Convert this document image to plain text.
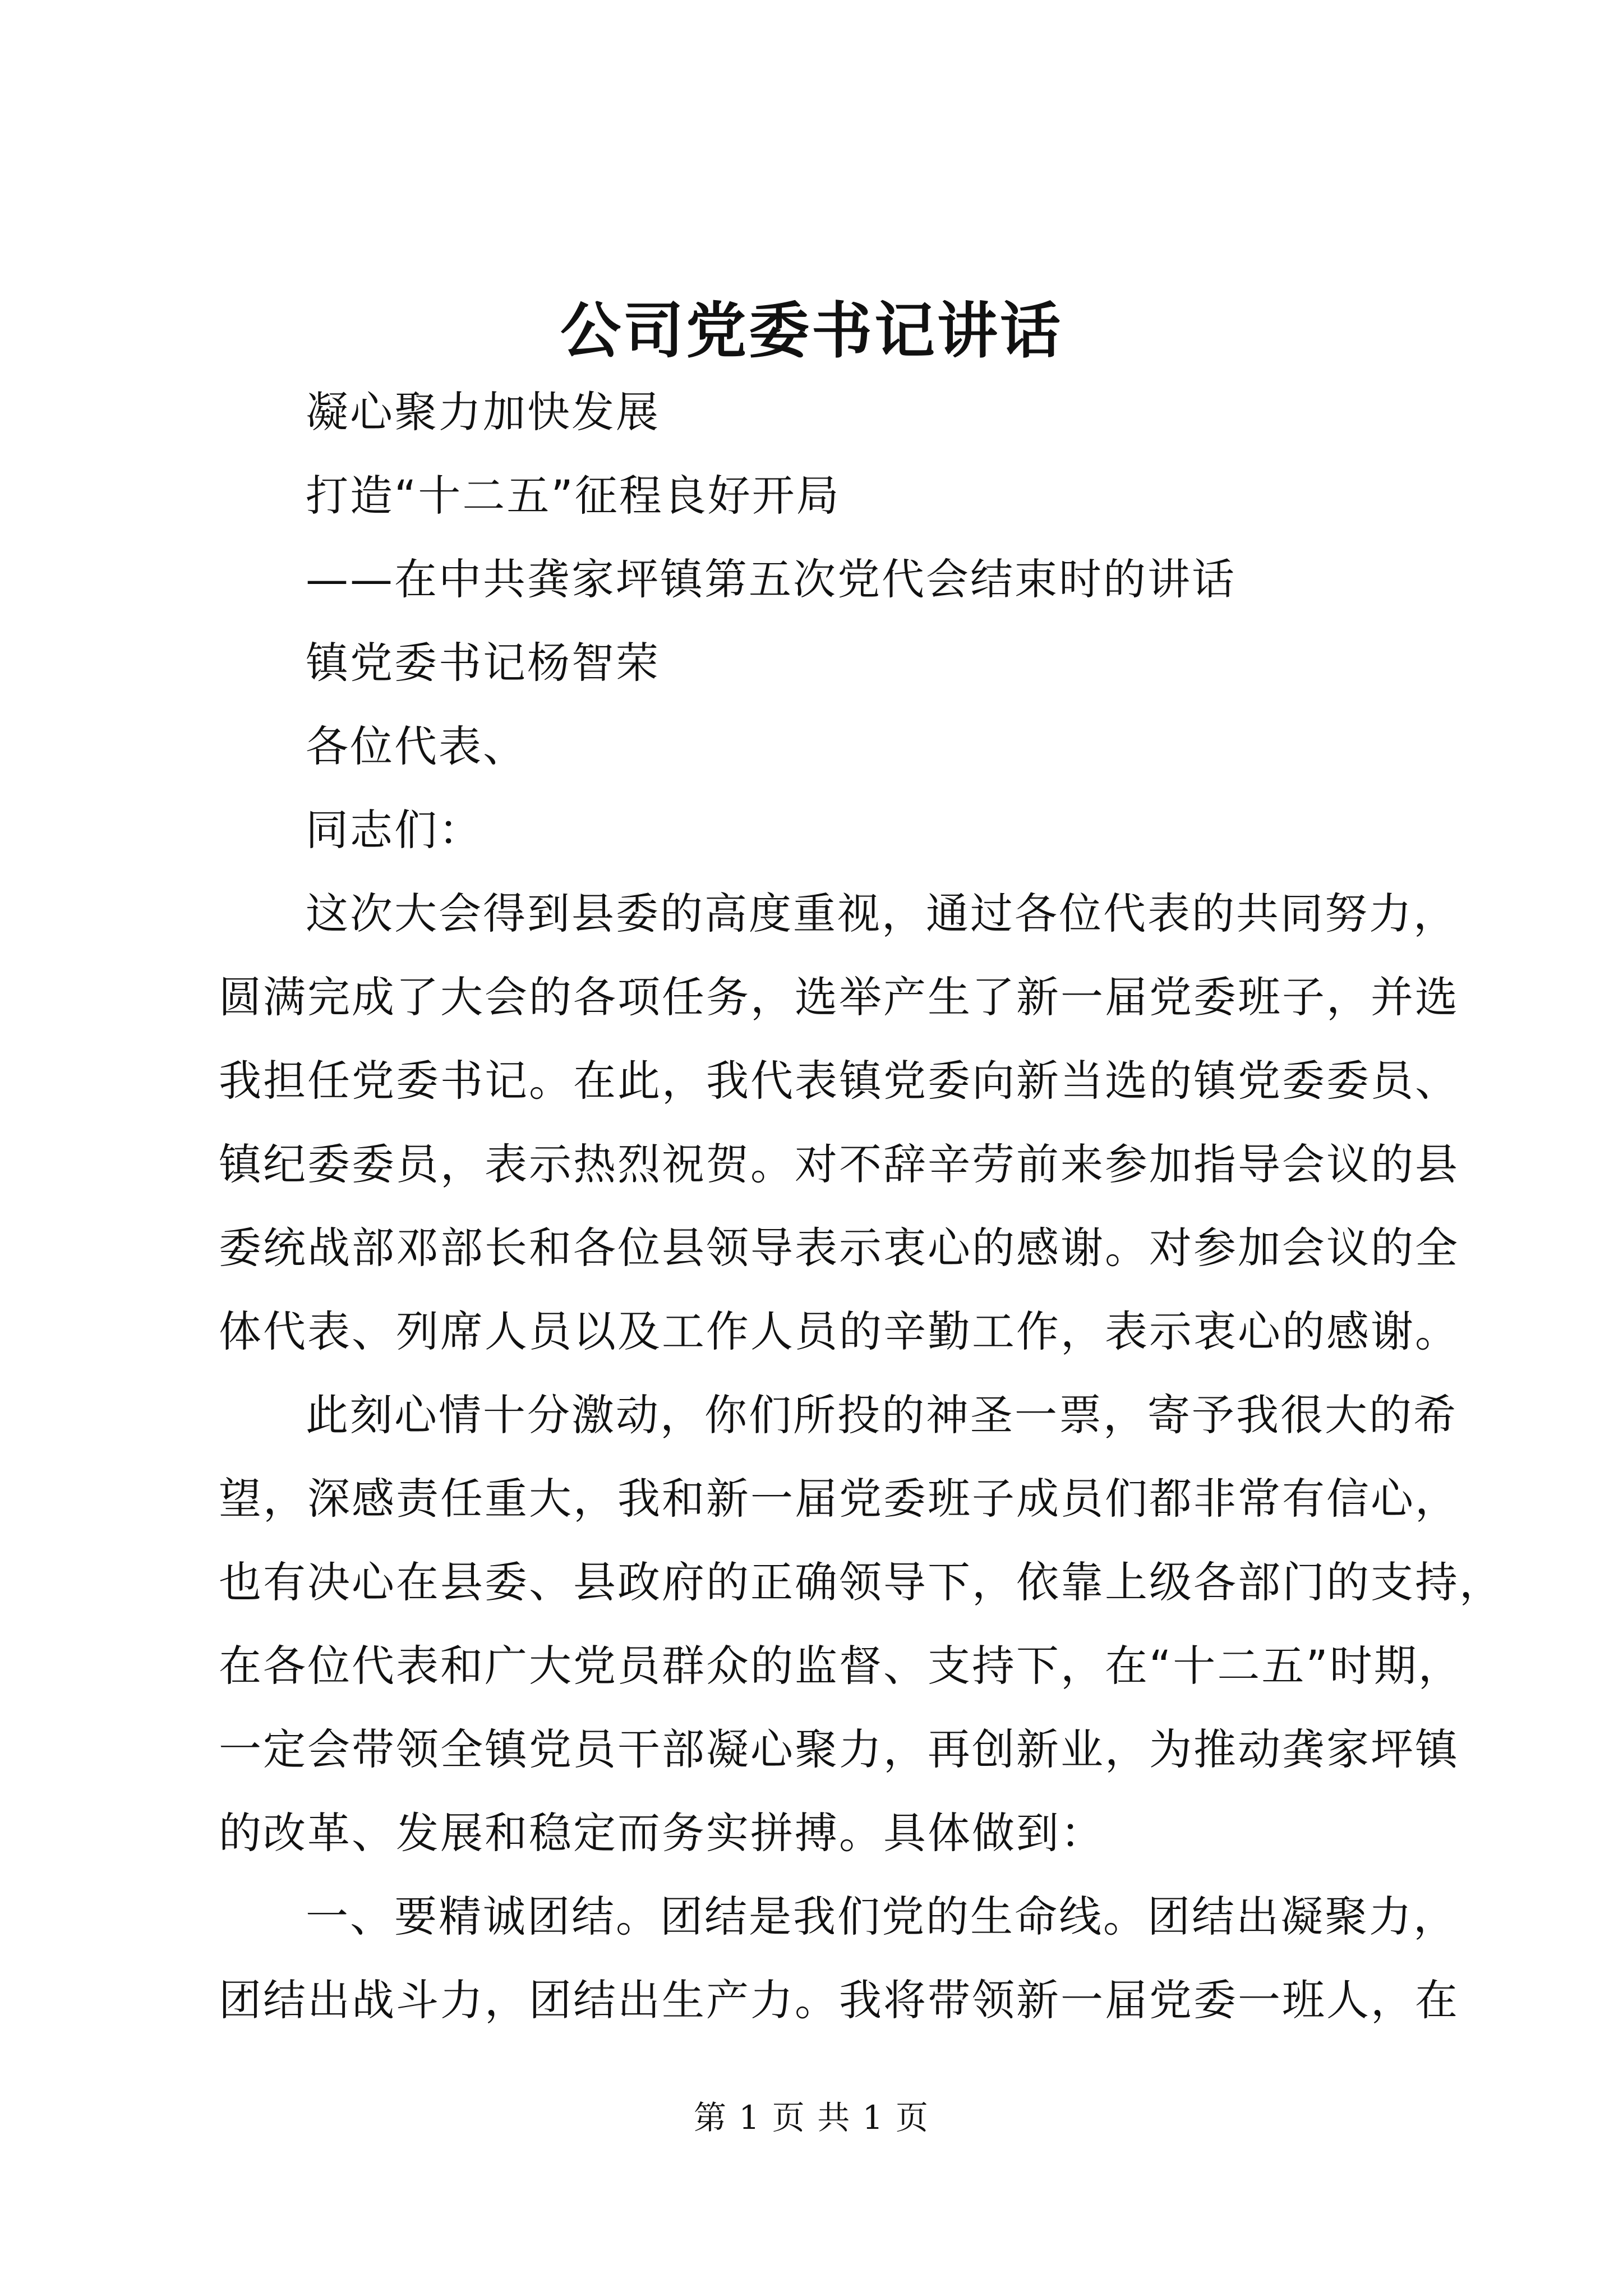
公司党委书记讲话
凝心聚力加快发展
打造“十二五”征程良好开局
——在中共龚家坪镇第五次党代会结束时的讲话
镇党委书记杨智荣
各位代表、
同志们：
这次大会得到县委的高度重视，通过各位代表的共同努力，
圆满完成了大会的各项任务，选举产生了新一届党委班子，并选
我担任党委书记。在此，我代表镇党委向新当选的镇党委委员、
镇纪委委员，表示热烈祝贺。对不辞辛劳前来参加指导会议的县
委统战部邓部长和各位县领导表示衷心的感谢。对参加会议的全
体代表、列席人员以及工作人员的辛勤工作，表示衷心的感谢。
此刻心情十分激动，你们所投的神圣一票，寄予我很大的希
望，深感责任重大，我和新一届党委班子成员们都非常有信心，
也有决心在县委、县政府的正确领导下，依靠上级各部门的支持，
在各位代表和广大党员群众的监督、支持下，在“十二五”时期，
一定会带领全镇党员干部凝心聚力，再创新业，为推动龚家坪镇
的改革、发展和稳定而务实拼搏。具体做到：
一、要精诚团结。团结是我们党的生命线。团结出凝聚力，
团结出战斗力，团结出生产力。我将带领新一届党委一班人，在
第 1 页 共 1 页
